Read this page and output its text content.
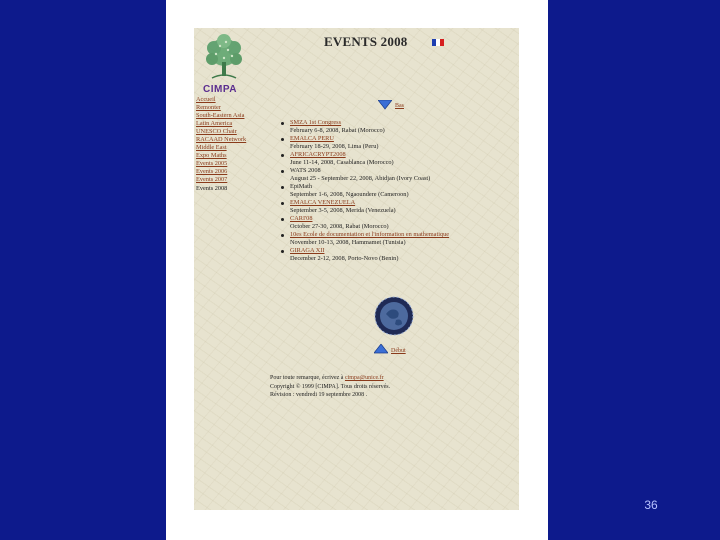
36
CIMPA
EVENTS 2008
Accueil
Remonter
South-Eastern Asia
Latin America
UNESCO Chair
RACAAD Network
Middle East
Expo Maths
Events 2005
Events 2006
Events 2007
Events 2008
Bas
SMZA 1st Congress
February 6-8, 2008, Rabat (Morocco)
EMALCA PERU
February 18-29, 2008, Lima (Peru)
AFRICACRYPT2008
June 11-14, 2008, Casablanca (Morocco)
WATS 2008
August 25 - September 22, 2008, Abidjan (Ivory Coast)
EpiMath
September 1-6, 2008, Ngaoundere (Cameroon)
EMALCA VENEZUELA
September 3-5, 2008, Merida (Venezuela)
CARI'08
October 27-30, 2008, Rabat (Morocco)
10es Ecole de documentation et l'information en mathematique
November 10-13, 2008, Hammamet (Tunisia)
GIRAGA XII
December 2-12, 2008, Porto-Novo (Benin)
Début
Pour toute remarque, écrivez à cimpa@unice.fr
Copyright © 1999 [CIMPA]. Tous droits réservés.
Révision : vendredi 19 septembre 2008 .
